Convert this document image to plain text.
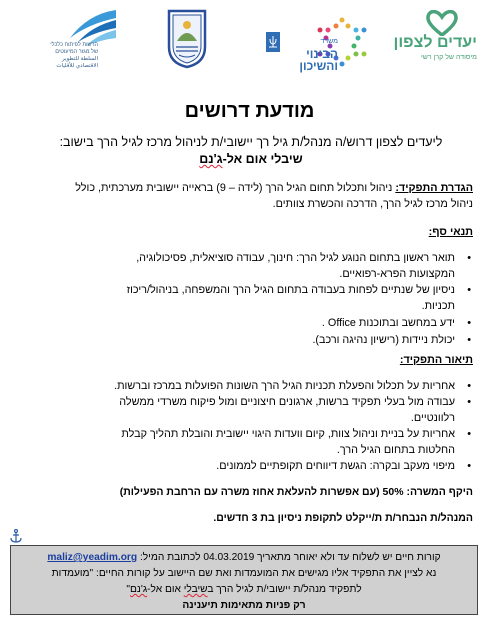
יעדים לצפון
מיסודה של קרן רשי
משרד
הבינוי
והשיכון
הרשות לפיתוח כלכלי
של מגזר המיעוטים
السلطة للتطوير
الاقتصادي للأقليات
מודעת דרושים
ליעדים לצפון דרוש/ה מנהל/ת גיל רך יישובי/ת לניהול מרכז לגיל הרך בישוב:
שיבלי אום אל-ג'נם
הגדרת התפקיד: ניהול ותכלול תחום הגיל הרך (לידה – 9) בראייה יישובית מערכתית, כולל
ניהול מרכז לגיל הרך, הדרכה והכשרת צוותים.
תנאי סף:
• תואר ראשון בתחום הנוגע לגיל הרך: חינוך, עבודה סוציאלית, פסיכולוגיה,
המקצועות הפרא-רפואיים.
• ניסיון של שנתיים לפחות בעבודה בתחום הגיל הרך והמשפחה, בניהול/ריכוז
תכניות.
• ידע במחשב ובתוכנות Office .
• יכולת ניידות (רישיון נהיגה ורכב).
תיאור התפקיד:
• אחריות על תכלול והפעלת תכניות הגיל הרך השונות הפועלות במרכז וברשות.
• עבודה מול בעלי תפקיד ברשות, ארגונים חיצוניים ומול פיקוח משרדי ממשלה
רלוונטיים.
• אחריות על בניית וניהול צוות, קיום וועדות היגוי יישובית והובלת תהליך קבלת
החלטות בתחום הגיל הרך.
• מיפוי מעקב ובקרה: הגשת דיווחים תקופתיים לממונים.
היקף המשרה: 50% (עם אפשרות להעלאת אחוז משרה עם הרחבת הפעילות)
המנהל/ת הנבחר/ת ת/ייקלט לתקופת ניסיון בת 3 חדשים.
קורות חיים יש לשלוח עד ולא יאוחר מתאריך 04.03.2019 לכתובת המיל: maliz@yeadim.org
נא לציין את התפקיד אליו מגישים את המועמדות ואת שם היישוב על קורות החיים: "מועמדות
לתפקיד מנהל/ת יישובי/ת לגיל הרך בשיבלי אום אל-ג'נם"
רק פניות מתאימות תיענינה
